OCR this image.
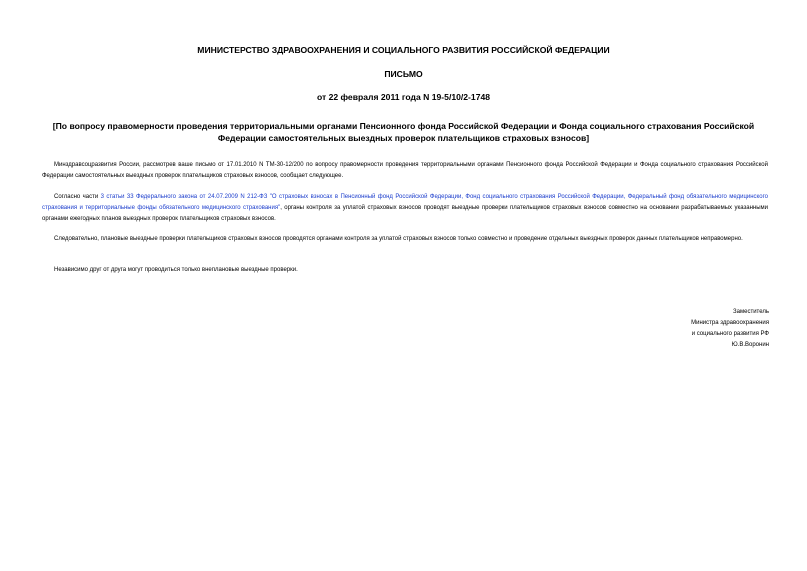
МИНИСТЕРСТВО ЗДРАВООХРАНЕНИЯ И СОЦИАЛЬНОГО РАЗВИТИЯ РОССИЙСКОЙ ФЕДЕРАЦИИ
ПИСЬМО
от 22 февраля 2011 года N 19-5/10/2-1748
[По вопросу правомерности проведения территориальными органами Пенсионного фонда Российской Федерации и Фонда социального страхования Российской Федерации самостоятельных выездных проверок плательщиков страховых взносов]
Минздравсоцразвития России, рассмотрев ваше письмо от 17.01.2010 N ТМ-30-12/200 по вопросу правомерности проведения территориальными органами Пенсионного фонда Российской Федерации и Фонда социального страхования Российской Федерации самостоятельных выездных проверок плательщиков страховых взносов, сообщает следующее.
Согласно части 3 статьи 33 Федерального закона от 24.07.2009 N 212-ФЗ "О страховых взносах в Пенсионный фонд Российской Федерации, Фонд социального страхования Российской Федерации, Федеральный фонд обязательного медицинского страхования и территориальные фонды обязательного медицинского страхования", органы контроля за уплатой страховых взносов проводят выездные проверки плательщиков страховых взносов совместно на основании разрабатываемых указанными органами ежегодных планов выездных проверок плательщиков страховых взносов.
Следовательно, плановые выездные проверки плательщиков страховых взносов проводятся органами контроля за уплатой страховых взносов только совместно и проведение отдельных выездных проверок данных плательщиков неправомерно.
Независимо друг от друга могут проводиться только внеплановые выездные проверки.
Заместитель
Министра здравоохранения
и социального развития РФ
Ю.В.Воронин
